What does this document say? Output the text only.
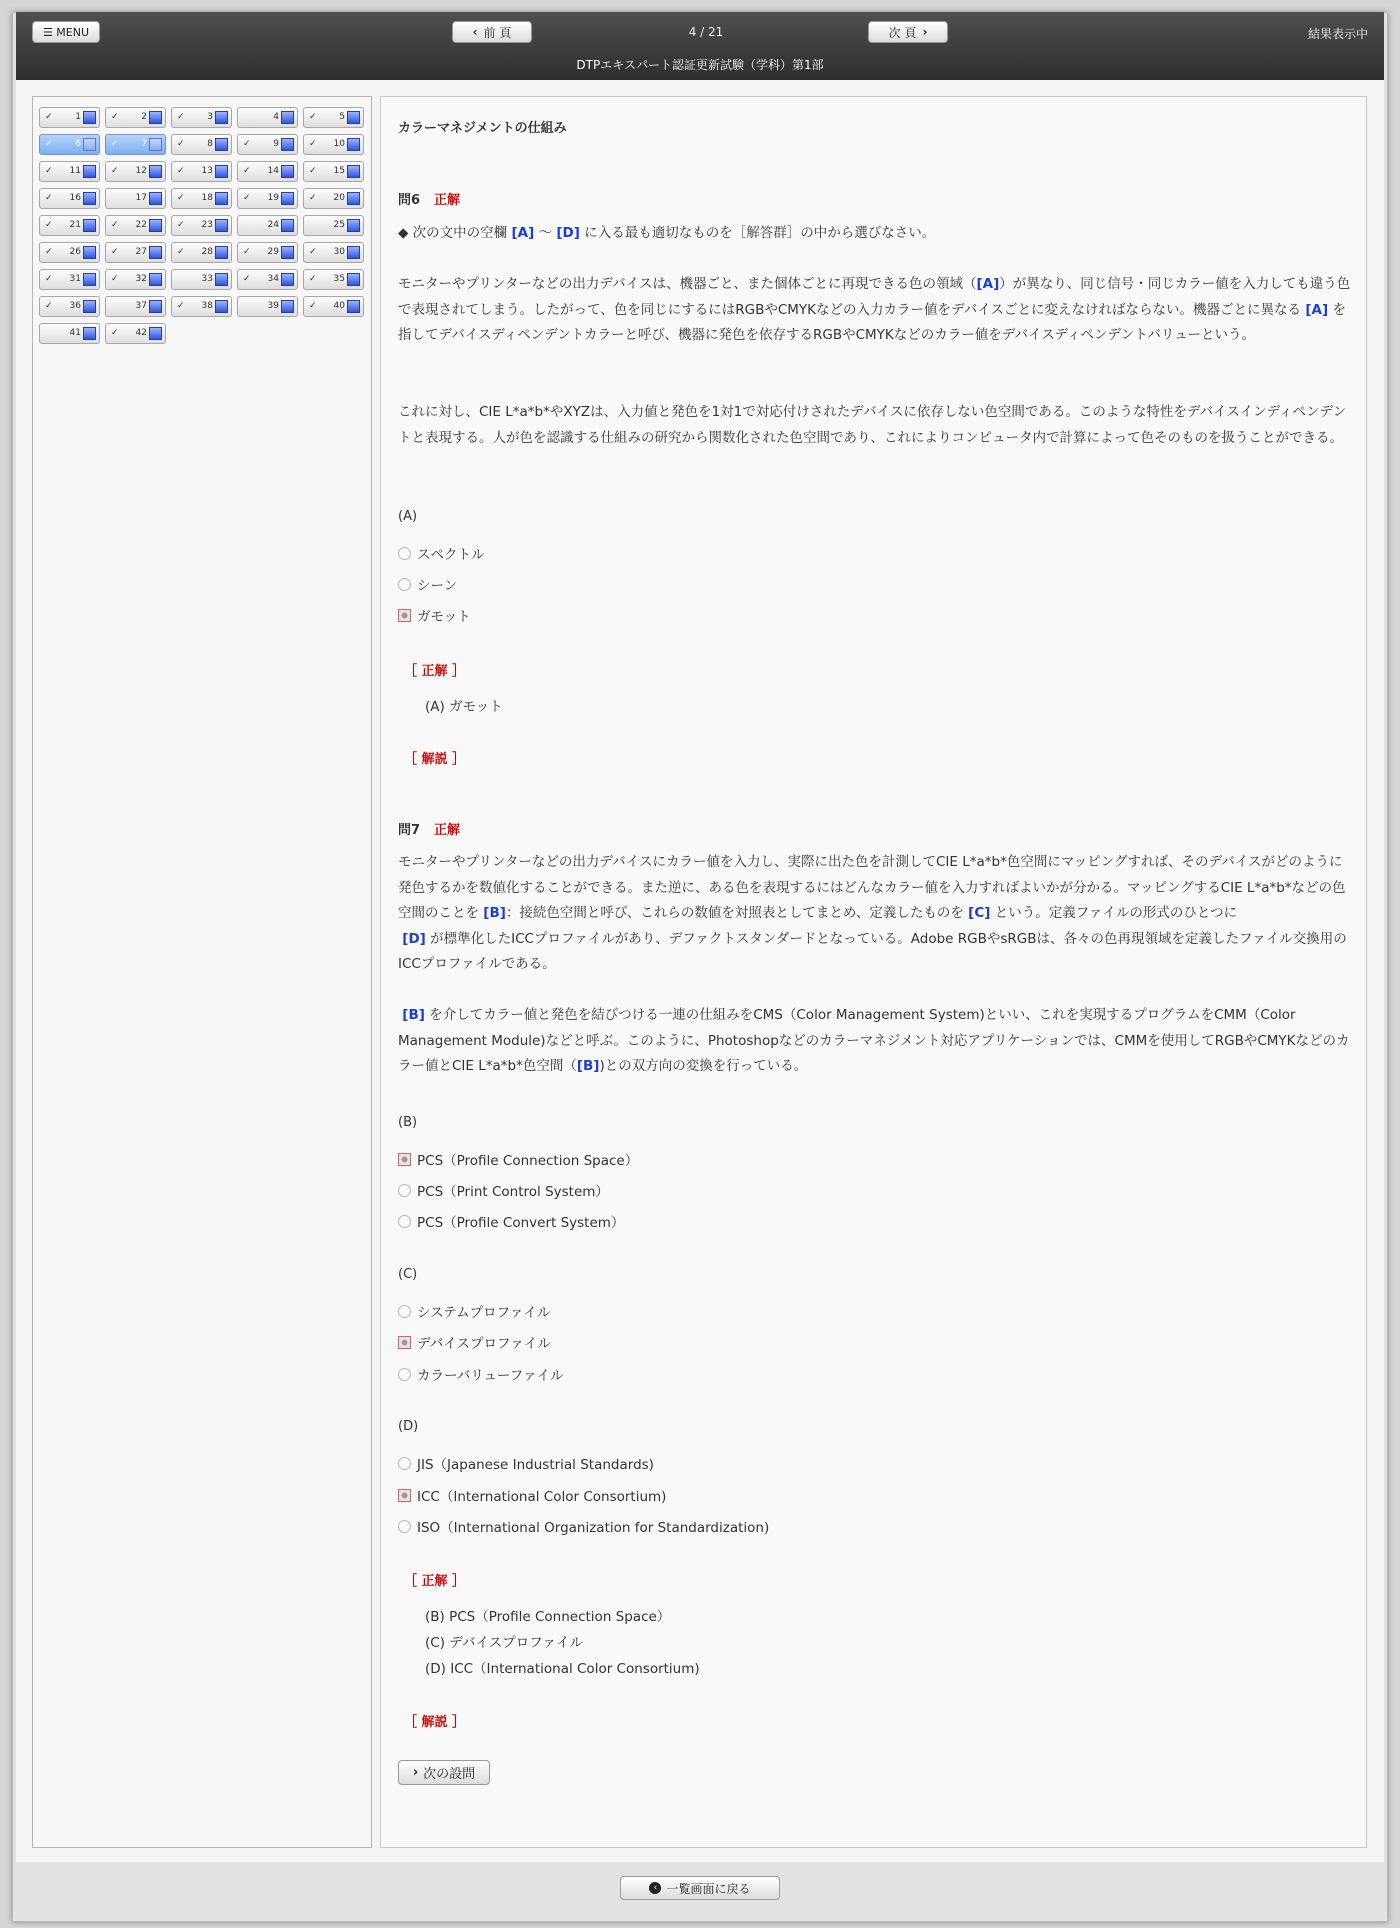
☰ MENU	‹ 前 頁	4 / 21	次 頁 ›	結果表示中
DTPエキスパート認証更新試験（学科）第1部
✓	1	✓	2	✓	3	4	✓	5
✓	6	✓	7	✓	8	✓	9	✓ 10
✓ 11	✓ 12	✓ 13	✓ 14	✓ 15
✓ 16	17	✓ 18	✓ 19	✓ 20
✓ 21	✓ 22	✓ 23	24	25
✓ 26	✓ 27	✓ 28	✓ 29	✓ 30
✓ 31	✓ 32	33	✓ 34	✓ 35
✓ 36	37	✓ 38	39	✓ 40
41	✓ 42
カラーマネジメントの仕組み
問6 正解
◆ 次の文中の空欄 [A] 〜 [D] に入る最も適切なものを［解答群］の中から選びなさい。
モニターやプリンターなどの出力デバイスは、機器ごと、また個体ごとに再現できる色の領域（[A]）が異なり、同じ信号・同じカラー値を入力しても違う色で表現されてしまう。したがって、色を同じにするにはRGBやCMYKなどの入力カラー値をデバイスごとに変えなければならない。機器ごとに異なる [A] を指してデバイスディペンデントカラーと呼び、機器に発色を依存するRGBやCMYKなどのカラー値をデバイスディペンデントバリューという。
これに対し、CIE L*a*b*やXYZは、入力値と発色を1対1で対応付けされたデバイスに依存しない色空間である。このような特性をデバイスインディペンデントと表現する。人が色を認識する仕組みの研究から関数化された色空間であり、これによりコンピュータ内で計算によって色そのものを扱うことができる。
(A)
スペクトル
シーン
ガモット
［ 正解 ］
(A) ガモット
［ 解説 ］
問7 正解
モニターやプリンターなどの出力デバイスにカラー値を入力し、実際に出た色を計測してCIE L*a*b*色空間にマッピングすれば、そのデバイスがどのように発色するかを数値化することができる。また逆に、ある色を表現するにはどんなカラー値を入力すればよいかが分かる。マッピングするCIE L*a*b*などの色空間のことを [B]：接続色空間と呼び、これらの数値を対照表としてまとめ、定義したものを [C] という。定義ファイルの形式のひとつに
[D] が標準化したICCプロファイルがあり、デファクトスタンダードとなっている。Adobe RGBやsRGBは、各々の色再現領域を定義したファイル交換用のICCプロファイルである。
[B] を介してカラー値と発色を結びつける一連の仕組みをCMS（Color Management System)といい、これを実現するプログラムをCMM（Color Management Module)などと呼ぶ。このように、Photoshopなどのカラーマネジメント対応アプリケーションでは、CMMを使用してRGBやCMYKなどのカラー値とCIE L*a*b*色空間（[B])との双方向の変換を行っている。
(B)
PCS（Profile Connection Space）
PCS（Print Control System）
PCS（Profile Convert System）
(C)
システムプロファイル
デバイスプロファイル
カラーバリューファイル
(D)
JIS（Japanese Industrial Standards)
ICC（International Color Consortium)
ISO（International Organization for Standardization)
［ 正解 ］
(B) PCS（Profile Connection Space）
(C) デバイスプロファイル
(D) ICC（International Color Consortium)
［ 解説 ］
› 次の設問
‹ 一覧画面に戻る
